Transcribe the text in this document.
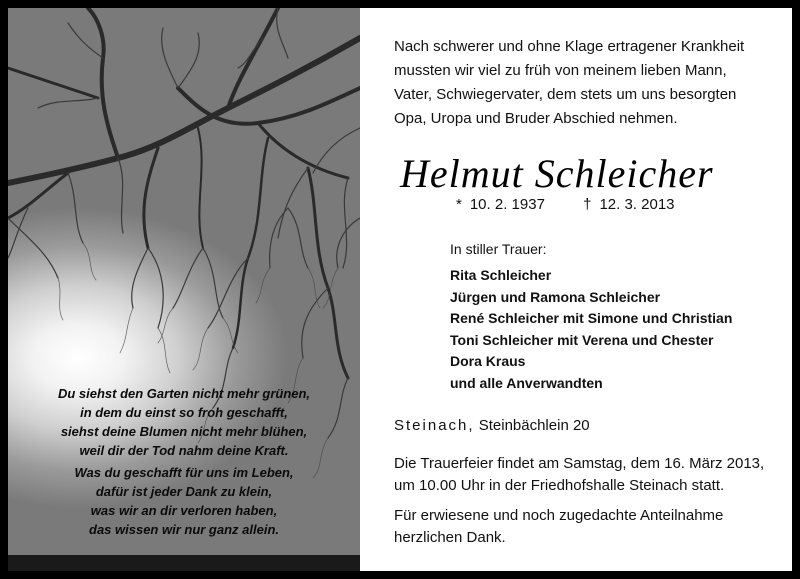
Du siehst den Garten nicht mehr grünen,
in dem du einst so froh geschafft,
siehst deine Blumen nicht mehr blühen,
weil dir der Tod nahm deine Kraft.
Was du geschafft für uns im Leben,
dafür ist jeder Dank zu klein,
was wir an dir verloren haben,
das wissen wir nur ganz allein.
Nach schwerer und ohne Klage ertragener Krankheit
mussten wir viel zu früh von meinem lieben Mann,
Vater, Schwiegervater, dem stets um uns besorgten
Opa, Uropa und Bruder Abschied nehmen.
Helmut Schleicher
* 10. 2. 1937	† 12. 3. 2013
In stiller Trauer:
Rita Schleicher
Jürgen und Ramona Schleicher
René Schleicher mit Simone und Christian
Toni Schleicher mit Verena und Chester
Dora Kraus
und alle Anverwandten
Steinach, Steinbächlein 20
Die Trauerfeier findet am Samstag, dem 16. März 2013,
um 10.00 Uhr in der Friedhofshalle Steinach statt.
Für erwiesene und noch zugedachte Anteilnahme
herzlichen Dank.
